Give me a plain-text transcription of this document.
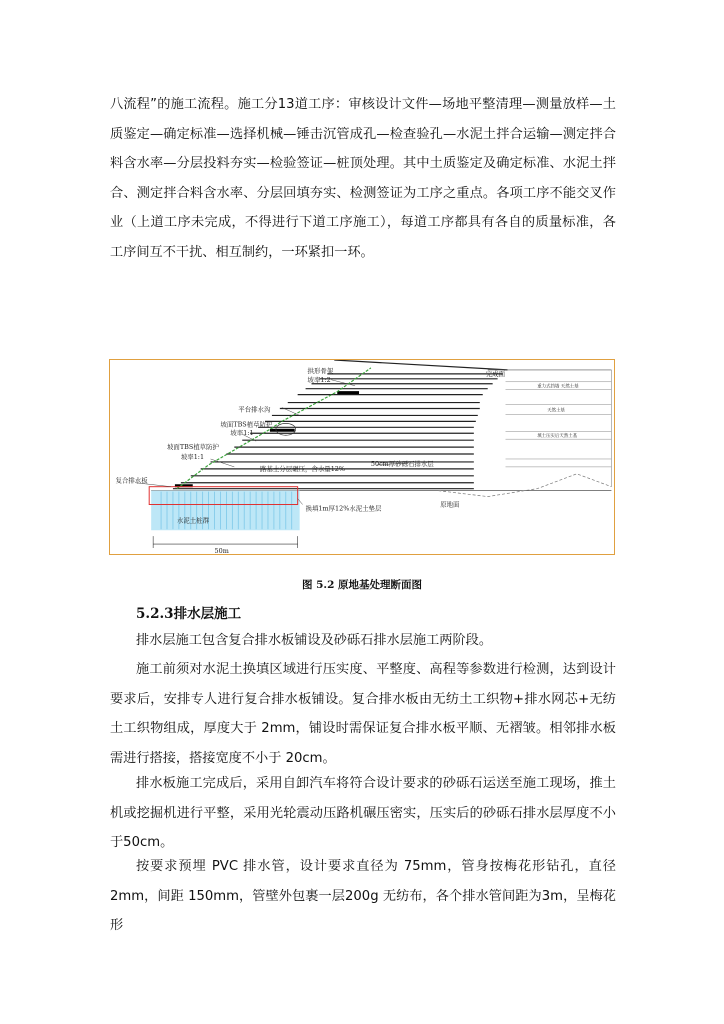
八流程”的施工流程。施工分13道工序：审核设计文件—场地平整清理—测量放样—土质鉴定—确定标准—选择机械—锤击沉管成孔—检查验孔—水泥土拌合运输—测定拌合料含水率—分层投料夯实—检验签证—桩顶处理。其中土质鉴定及确定标准、水泥土拌合、测定拌合料含水率、分层回填夯实、检测签证为工序之重点。各项工序不能交叉作业（上道工序未完成，不得进行下道工序施工），每道工序都具有各自的质量标准，各工序间互不干扰、相互制约，一环紧扣一环。

拱形骨架
坡率1:2
平台排水沟
坡面TBS植草防护
坡率1:1
坡面TBS植草防护
坡率1:1
复合排水板
路基土分层碾压，含水量12%
50cm厚砂砾石排水层
水泥土桩群
换填1m厚12%水泥土垫层
完成面
原地面
50m
重力式挡墙 天然土基
天然土基
填土压实后天然土基
图 5.2 原地基处理断面图
5.2.3排水层施工

排水层施工包含复合排水板铺设及砂砾石排水层施工两阶段。

施工前须对水泥土换填区域进行压实度、平整度、高程等参数进行检测，达到设计要求后，安排专人进行复合排水板铺设。复合排水板由无纺土工织物+排水网芯+无纺土工织物组成，厚度大于 2mm，铺设时需保证复合排水板平顺、无褶皱。相邻排水板需进行搭接，搭接宽度不小于 20cm。

排水板施工完成后，采用自卸汽车将符合设计要求的砂砾石运送至施工现场，推土机或挖掘机进行平整，采用光轮震动压路机碾压密实，压实后的砂砾石排水层厚度不小于50cm。

按要求预埋 PVC 排水管，设计要求直径为 75mm，管身按梅花形钻孔，直径2mm，间距 150mm，管壁外包裹一层200g 无纺布，各个排水管间距为3m，呈梅花形
